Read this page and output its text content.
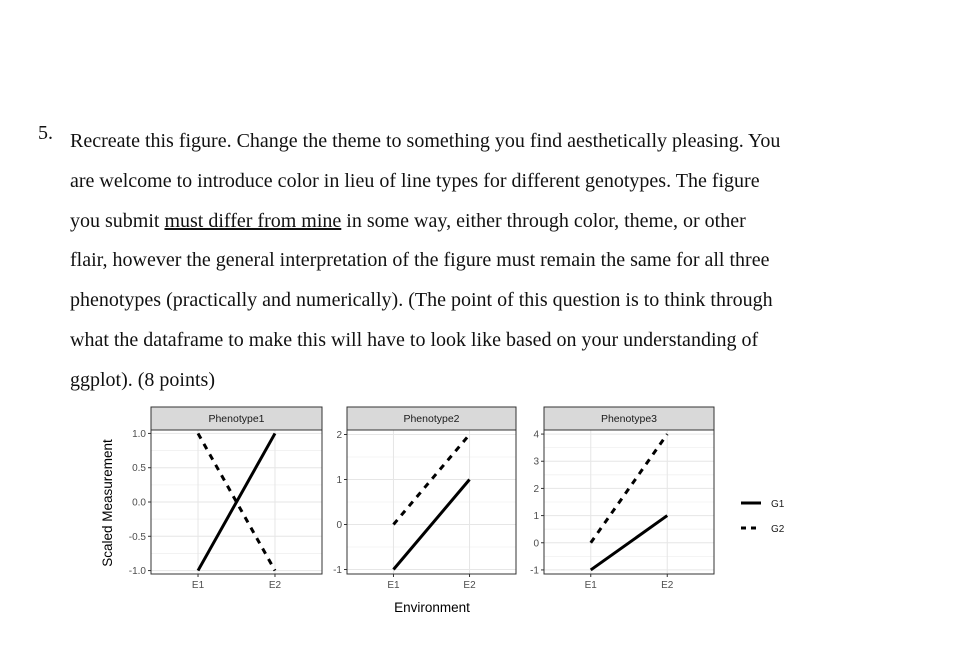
5. Recreate this figure. Change the theme to something you find aesthetically pleasing. You
are welcome to introduce color in lieu of line types for different genotypes. The figure
you submit must differ from mine in some way, either through color, theme, or other
flair, however the general interpretation of the figure must remain the same for all three
phenotypes (practically and numerically). (The point of this question is to think through
what the dataframe to make this will have to look like based on your understanding of
ggplot). (8 points)
Scaled Measurement
Environment
-1.0
-0.5
0.0
0.5
1.0
E1	E2
Phenotype1
-1
0
1
2
E1	E2
Phenotype2
-1
0
1
2
3
4
E1	E2
Phenotype3
G1
G2
